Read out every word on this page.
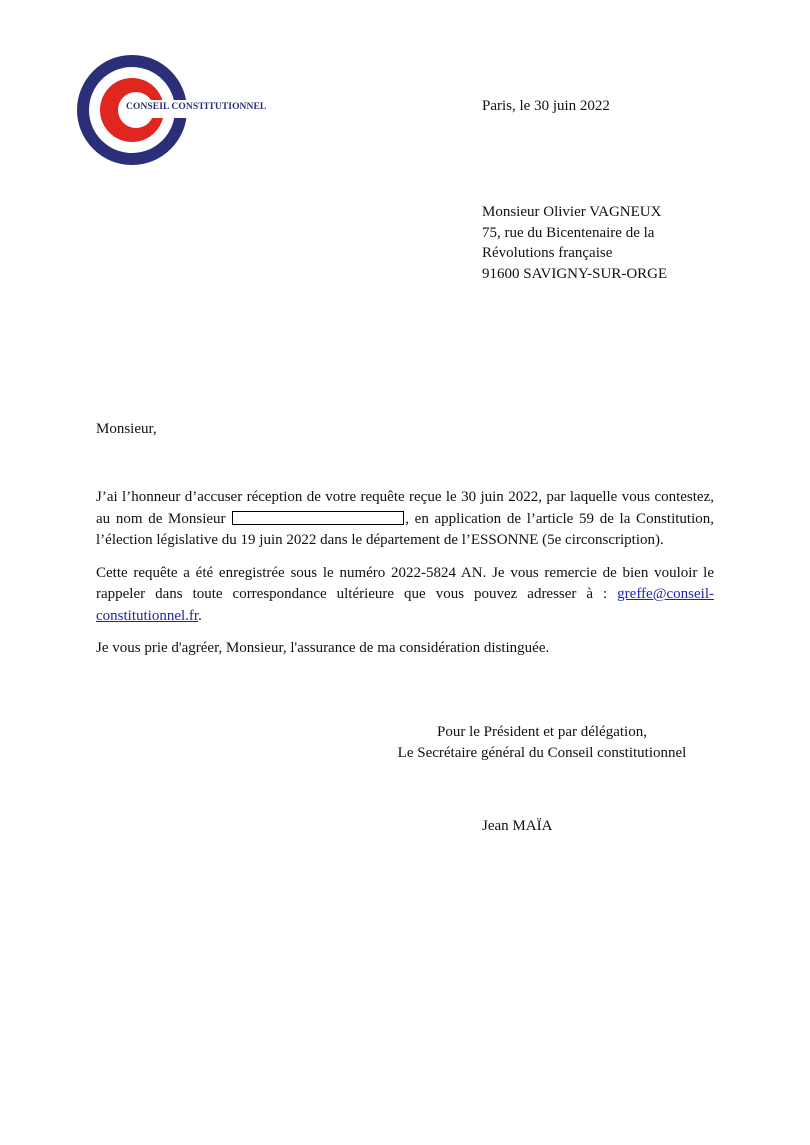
CONSEIL CONSTITUTIONNEL	Paris, le 30 juin 2022
Monsieur Olivier VAGNEUX
75, rue du Bicentenaire de la
Révolutions française
91600 SAVIGNY-SUR-ORGE
Monsieur,

J’ai l’honneur d’accuser réception de votre requête reçue le 30 juin 2022, par laquelle vous contestez, au nom de Monsieur	, en application de l’article 59 de la Constitution, l’élection législative du 19 juin 2022 dans le département de l’ESSONNE (5e circonscription).

Cette requête a été enregistrée sous le numéro 2022-5824 AN. Je vous remercie de bien vouloir le rappeler dans toute correspondance ultérieure que vous pouvez adresser à : greffe@conseil-constitutionnel.fr.

Je vous prie d'agréer, Monsieur, l'assurance de ma considération distinguée.

Pour le Président et par délégation,
Le Secrétaire général du Conseil constitutionnel
Jean MAÏA
